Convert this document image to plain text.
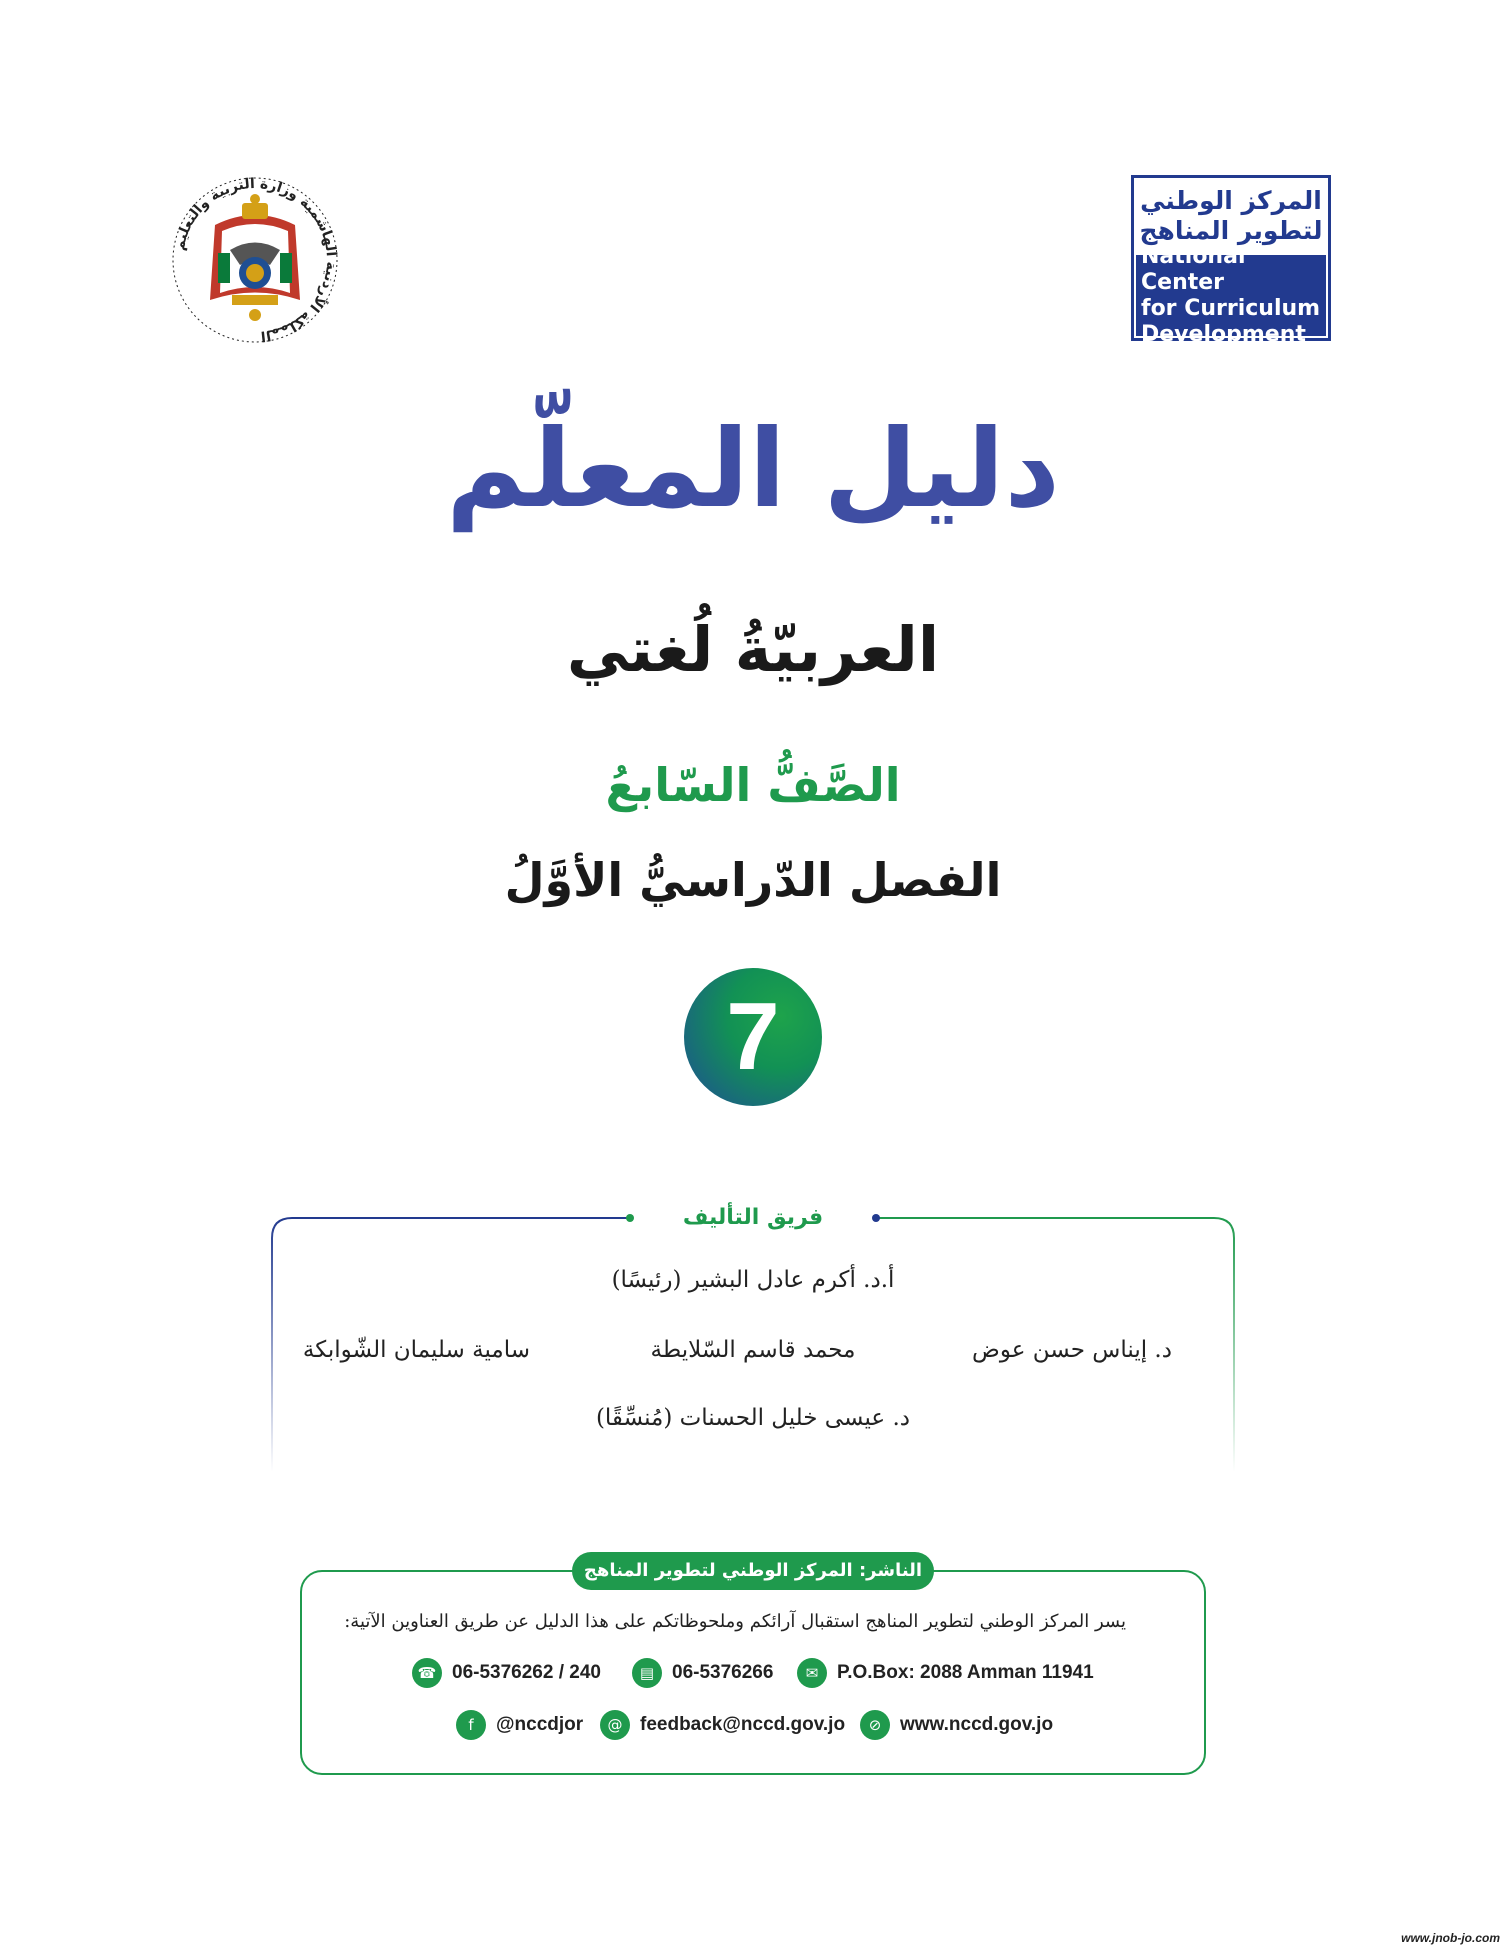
المركز الوطني
لتطوير المناهج
National Center
for Curriculum
Development
المملكة الأردنية الهاشمية وزارة التربية والتعليم
دليل المعلّم
العربيّةُ لُغتي
الصَّفُّ السّابعُ
الفصل الدّراسيُّ الأوَّلُ
7
فريق التأليف
أ.د. أكرم عادل البشير (رئيسًا)
د. إيناس حسن عوض
محمد قاسم السّلايطة
سامية سليمان الشّوابكة
د. عيسى خليل الحسنات (مُنسِّقًا)
الناشر: المركز الوطني لتطوير المناهج
يسر المركز الوطني لتطوير المناهج استقبال آرائكم وملحوظاتكم على هذا الدليل عن طريق العناوين الآتية:
☎ 06-5376262 / 240	▤ 06-5376266	✉ P.O.Box: 2088 Amman 11941
f	@nccdjor	@ feedback@nccd.gov.jo	⊘ www.nccd.gov.jo
www.jnob-jo.com
